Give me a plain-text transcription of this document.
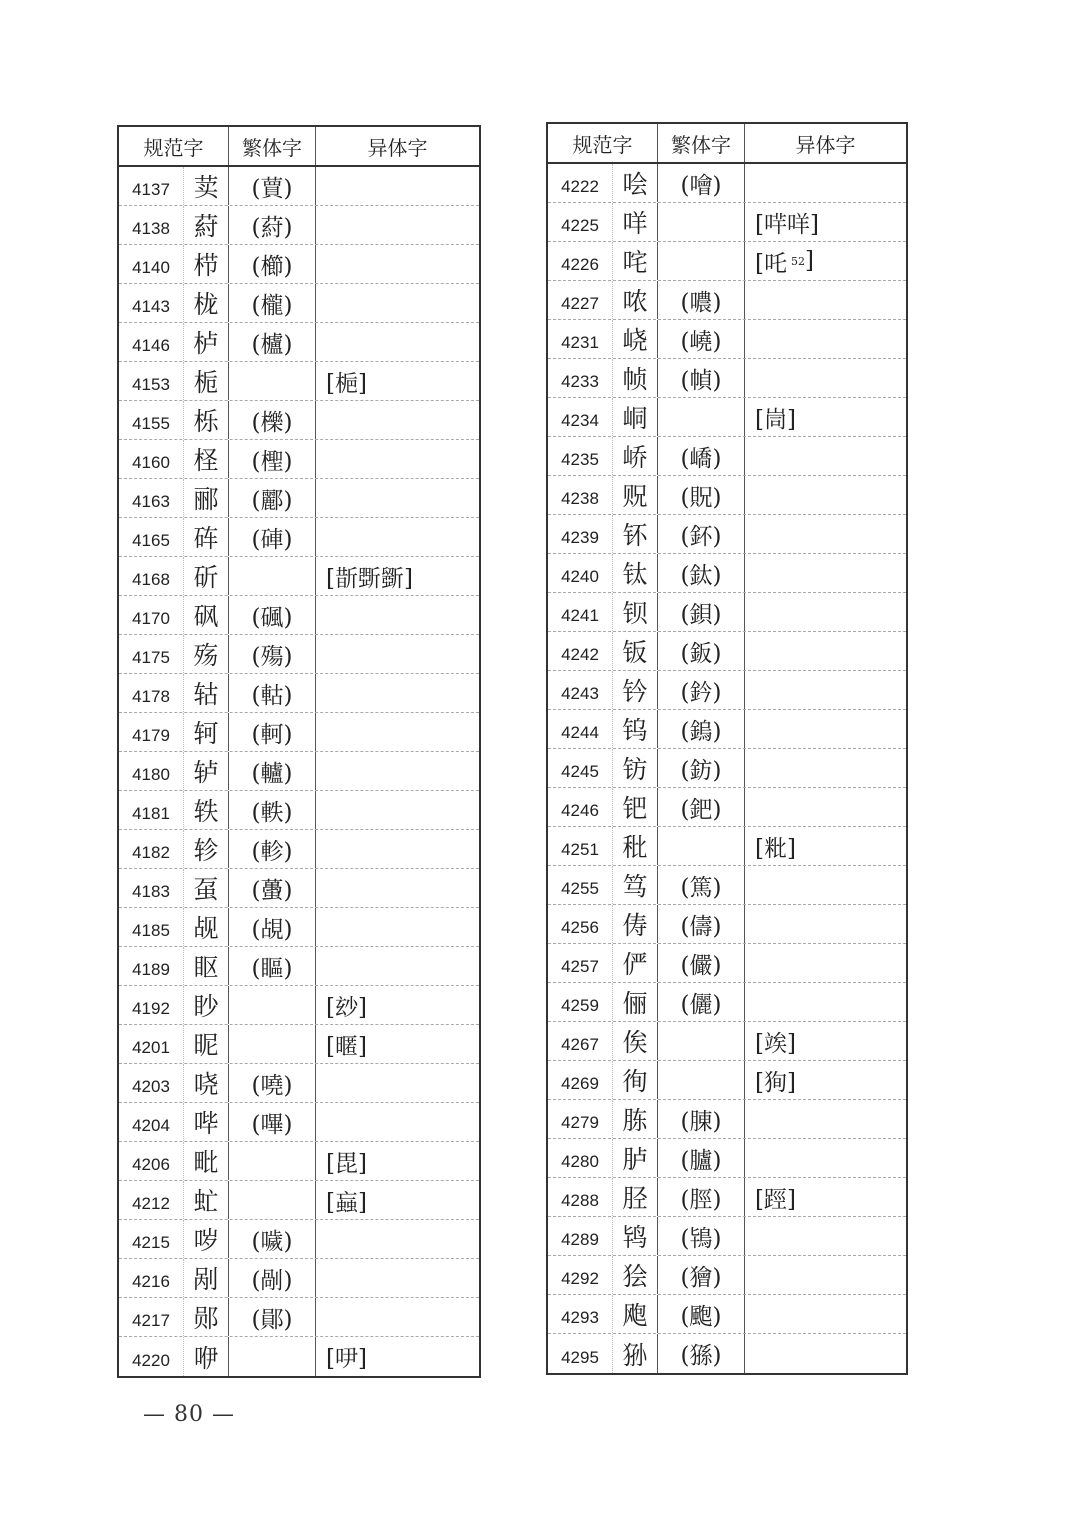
规范字	繁体字	异体字
4137 荬	(蕒)
4138 葤	(葤)
4140 栉	(櫛)
4143 栊	(櫳)
4146 栌	(櫨)
4153 栀	[梔]
4155 栎	(櫟)
4160 柽	(檉)
4163 郦	(酈)
4165 砗	(硨)
4168 斫	[斮斲斵]
4170 砜	(碸)
4175 殇	(殤)
4178 轱	(軲)
4179 轲	(軻)
4180 轳	(轤)
4181 轶	(軼)
4182 轸	(軫)
4183 虿	(蠆)
4185 觇	(覘)
4189 眍	(瞘)
4192 眇	[玅]
4201 昵	[暱]
4203 哓	(嘵)
4204 哔	(嗶)
4206 毗	[毘]
4212 虻	[蝱]
4215 哕	(噦)
4216 剐	(剮)
4217 郧	(鄖)
4220 咿	[吚]
规范字	繁体字	异体字
4222 哙	(噲)
4225 咩	[哶咩]
4226 咤	[吒 52 ]
4227 哝	(噥)
4231 峣	(嶢)
4233 帧	(幀)
4234 峒	[峝]
4235 峤	(嶠)
4238 贶	(貺)
4239 钚	(鈈)
4240 钛	(鈦)
4241 钡	(鋇)
4242 钣	(鈑)
4243 钤	(鈐)
4244 钨	(鎢)
4245 钫	(鈁)
4246 钯	(鈀)
4251 秕	[粃]
4255 笃	(篤)
4256 俦	(儔)
4257 俨	(儼)
4259 俪	(儷)
4267 俟	[竢]
4269 徇	[狥]
4279 胨	(腖)
4280 胪	(臚)
4288 胫	(脛)	[踁]
4289 鸨	(鴇)
4292 狯	(獪)
4293 飑	(颮)
4295 狲	(猻)
— 80 —
